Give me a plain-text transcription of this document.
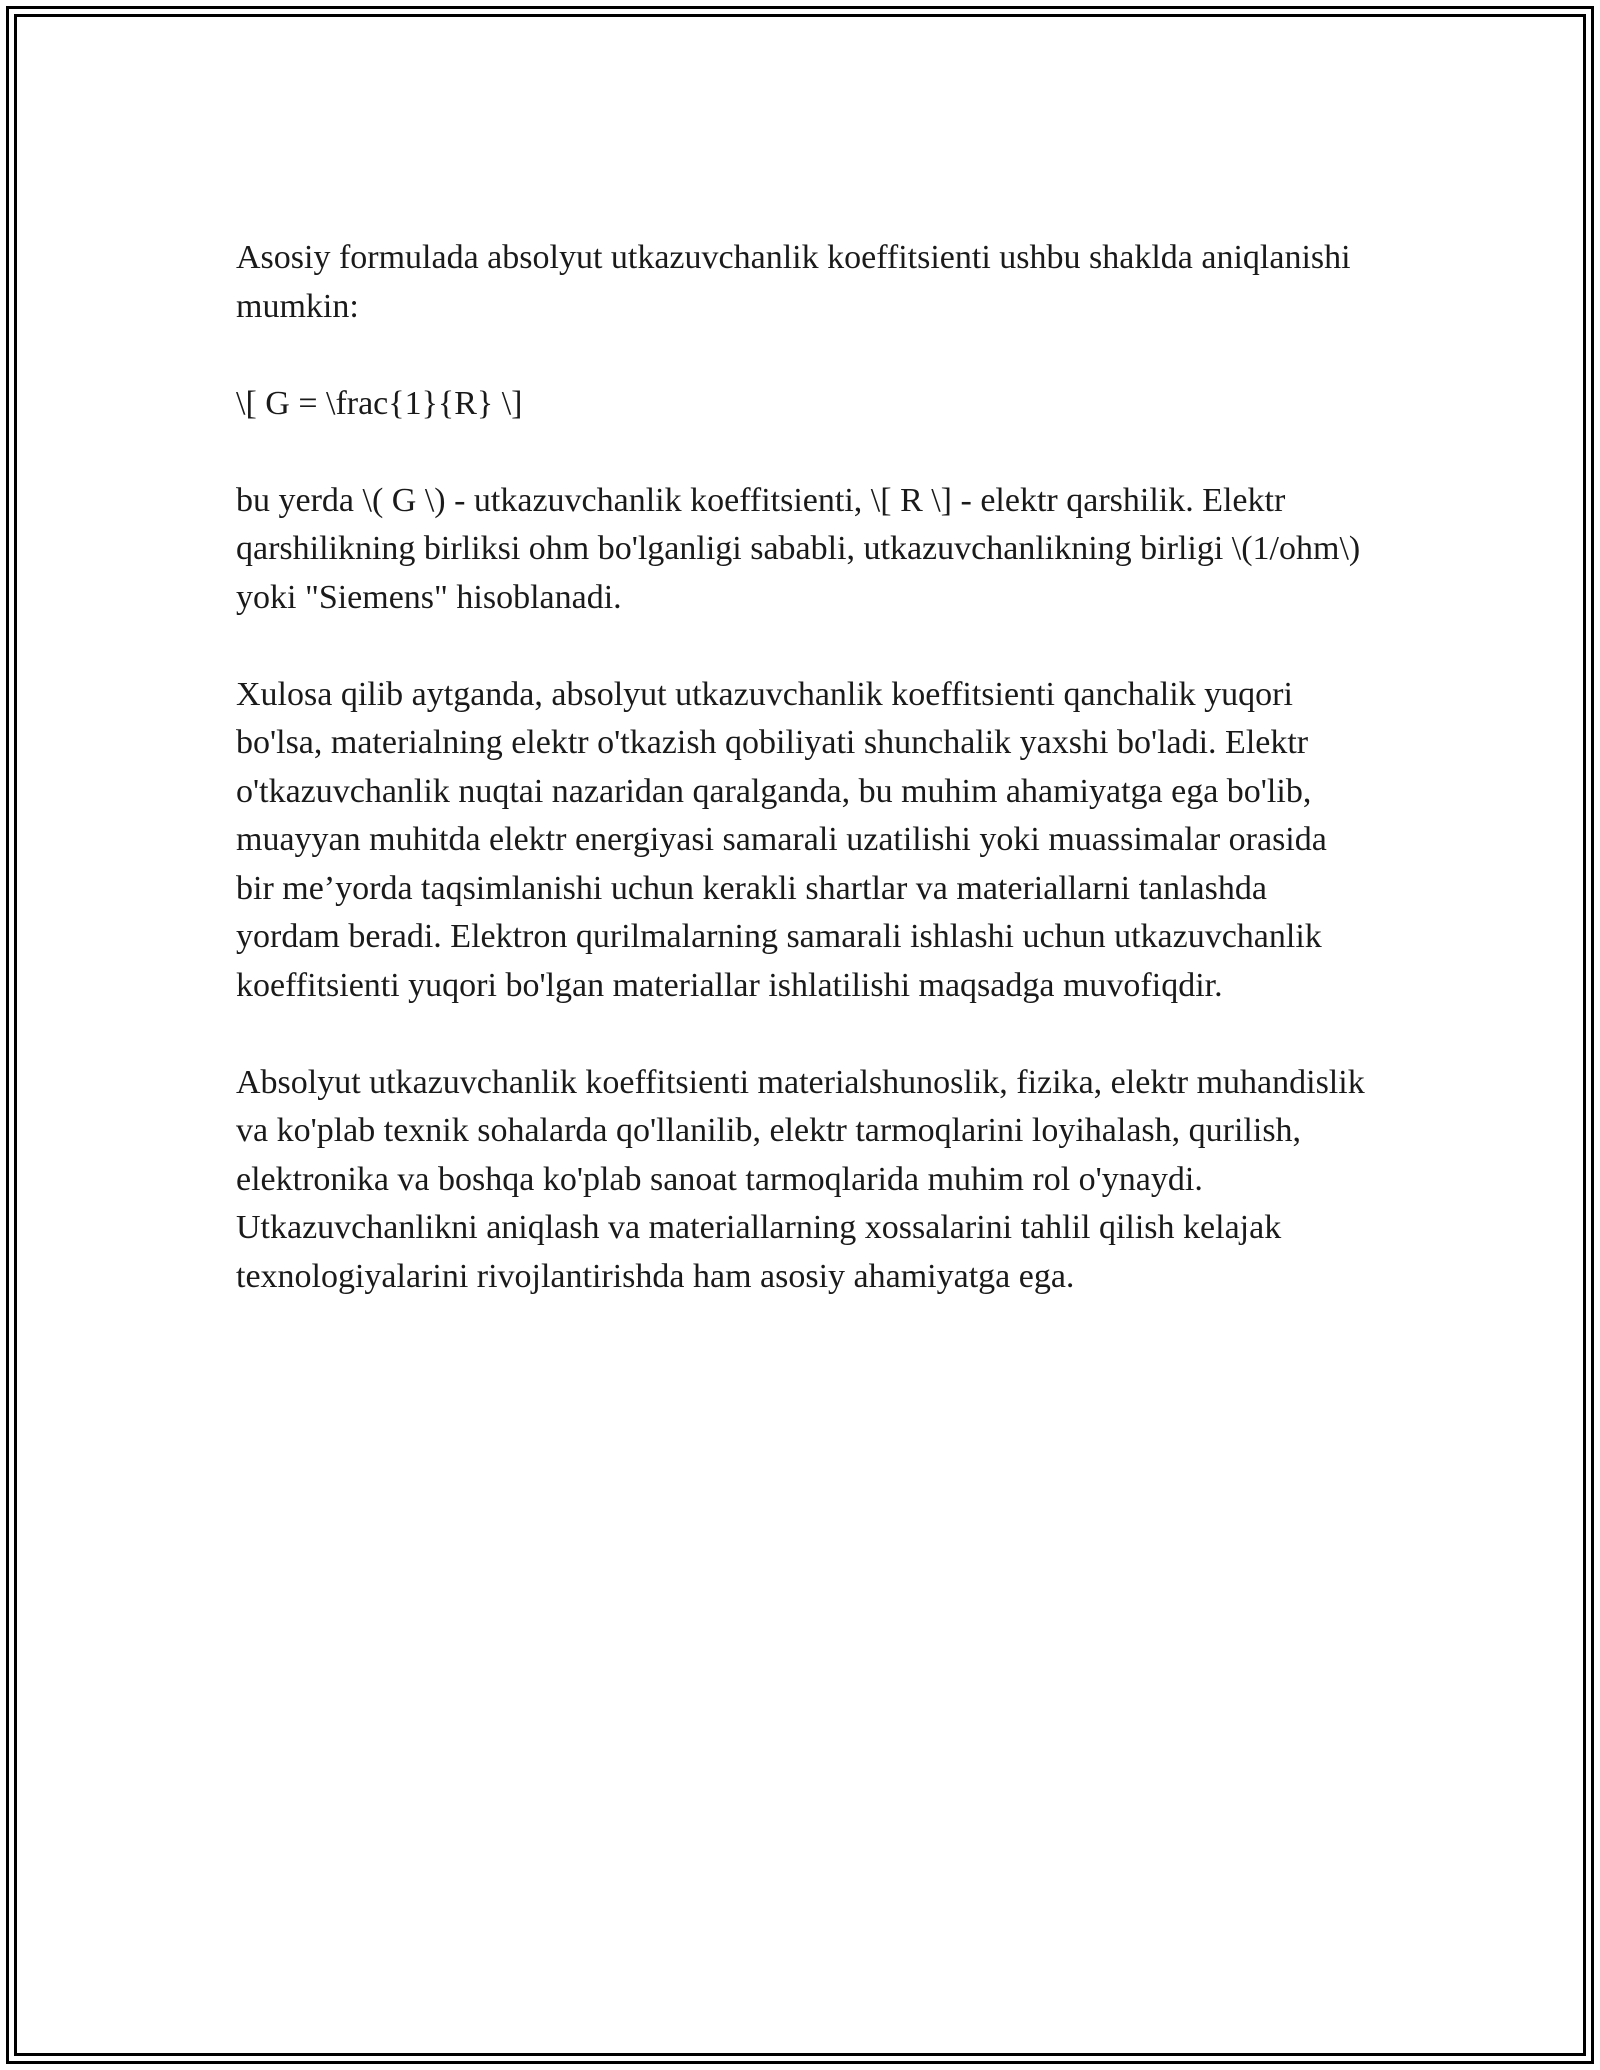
Asosiy formulada absolyut utkazuvchanlik koeffitsienti ushbu shaklda aniqlanishi mumkin:

\[ G = \frac{1}{R} \]

bu yerda \( G \) - utkazuvchanlik koeffitsienti, \[ R \] - elektr qarshilik. Elektr qarshilikning birliksi ohm bo'lganligi sababli, utkazuvchanlikning birligi \(1/ohm\) yoki "Siemens" hisoblanadi.

Xulosa qilib aytganda, absolyut utkazuvchanlik koeffitsienti qanchalik yuqori bo'lsa, materialning elektr o'tkazish qobiliyati shunchalik yaxshi bo'ladi. Elektr o'tkazuvchanlik nuqtai nazaridan qaralganda, bu muhim ahamiyatga ega bo'lib, muayyan muhitda elektr energiyasi samarali uzatilishi yoki muassimalar orasida bir me’yorda taqsimlanishi uchun kerakli shartlar va materiallarni tanlashda yordam beradi. Elektron qurilmalarning samarali ishlashi uchun utkazuvchanlik koeffitsienti yuqori bo'lgan materiallar ishlatilishi maqsadga muvofiqdir.

Absolyut utkazuvchanlik koeffitsienti materialshunoslik, fizika, elektr muhandislik va ko'plab texnik sohalarda qo'llanilib, elektr tarmoqlarini loyihalash, qurilish, elektronika va boshqa ko'plab sanoat tarmoqlarida muhim rol o'ynaydi. Utkazuvchanlikni aniqlash va materiallarning xossalarini tahlil qilish kelajak texnologiyalarini rivojlantirishda ham asosiy ahamiyatga ega.
